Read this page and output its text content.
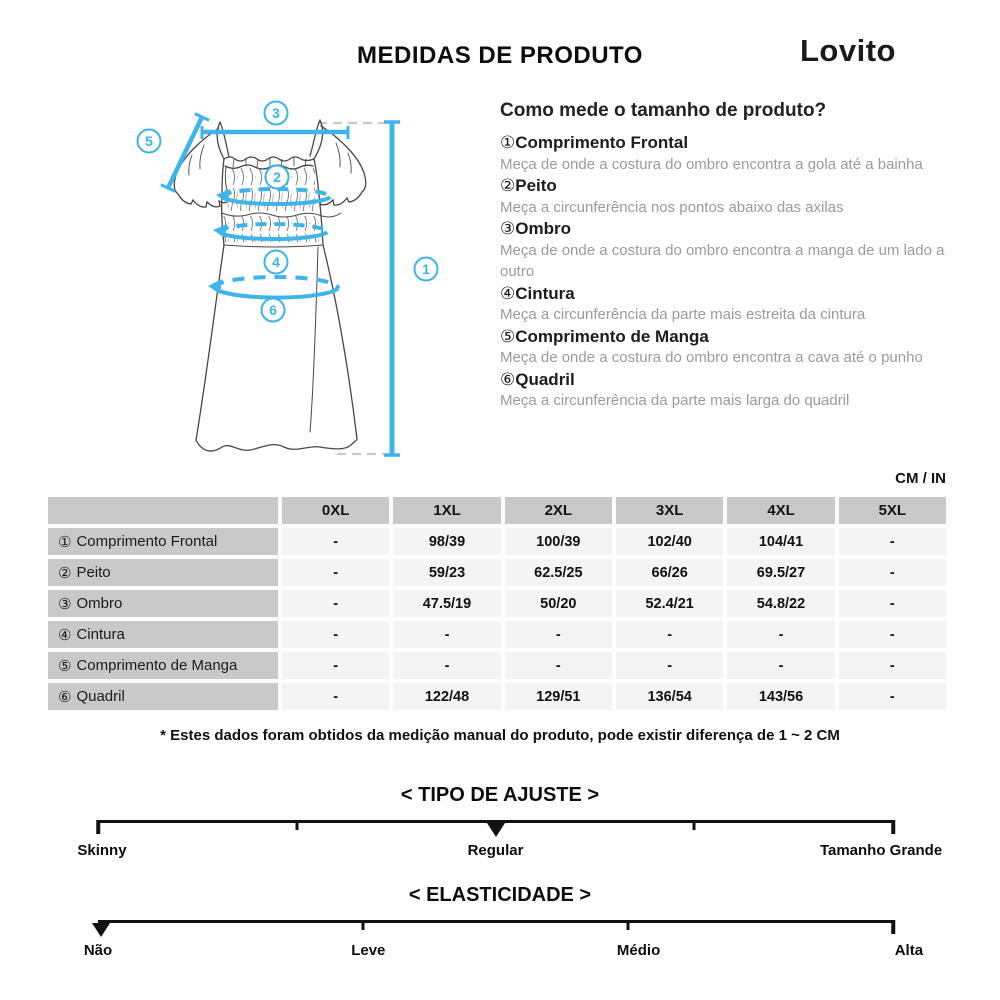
MEDIDAS DE PRODUTO	Lovito
3
5
2
4
6
1
Como mede o tamanho de produto?
①Comprimento Frontal
Meça de onde a costura do ombro encontra a gola até a bainha
②Peito
Meça a circunferência nos pontos abaixo das axilas
③Ombro
Meça de onde a costura do ombro encontra a manga de um lado a outro
④Cintura
Meça a circunferência da parte mais estreita da cintura
⑤Comprimento de Manga
Meça de onde a costura do ombro encontra a cava até o punho
⑥Quadril
Meça a circunferência da parte mais larga do quadril
CM / IN
0XL	1XL	2XL	3XL	4XL	5XL
① Comprimento Frontal	-	98/39	100/39	102/40	104/41	-
② Peito	-	59/23	62.5/25	66/26	69.5/27	-
③ Ombro	-	47.5/19	50/20	52.4/21	54.8/22	-
④ Cintura	-	-	-	-	-	-
⑤ Comprimento de Manga	-	-	-	-	-	-
⑥ Quadril	-	122/48	129/51	136/54	143/56	-
* Estes dados foram obtidos da medição manual do produto, pode existir diferença de 1 ~ 2 CM
< TIPO DE AJUSTE >
Skinny	Regular	Tamanho Grande
< ELASTICIDADE >
Não	Leve	Médio	Alta
